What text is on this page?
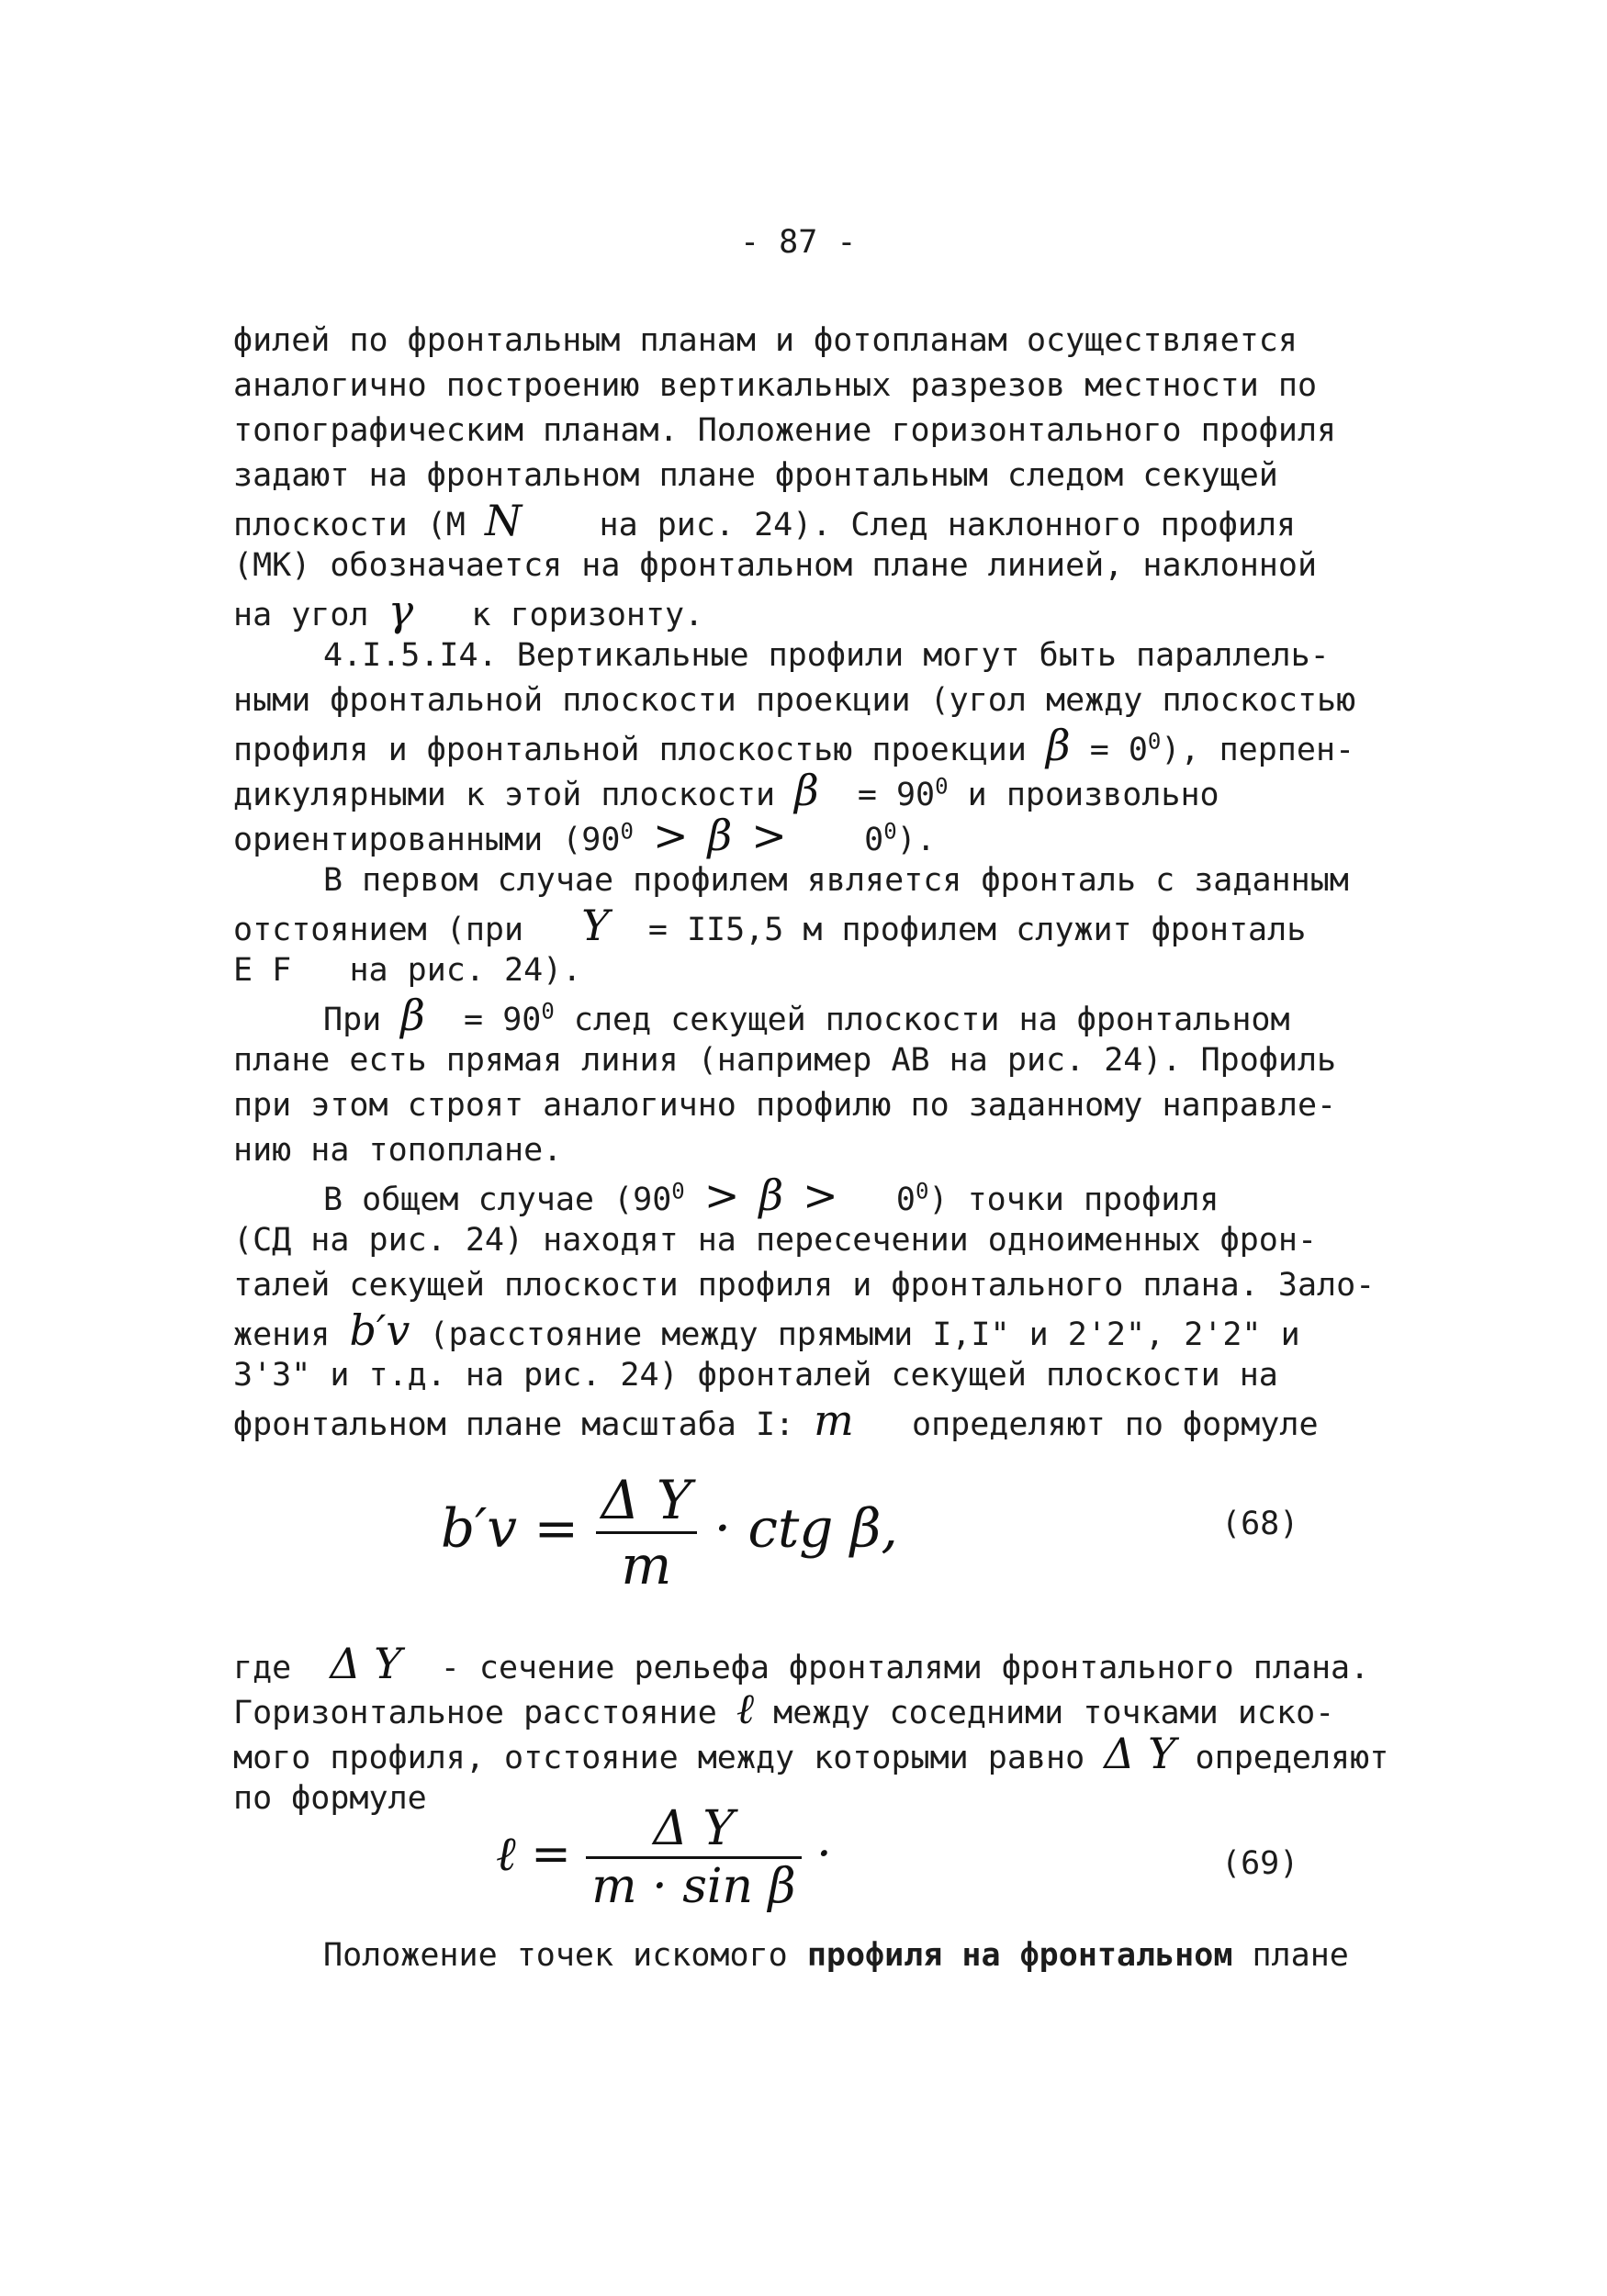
- 87 -
филей по фронтальным планам и фотопланам осуществляется
аналогично построению вертикальных разрезов местности по
топографическим планам. Положение горизонтального профиля
задают на фронтальном плане фронтальным следом секущей
плоскости (М N на рис. 24). След наклонного профиля
(МК) обозначается на фронтальном плане линией, наклонной
на угол γ к горизонту.
4.I.5.I4. Вертикальные профили могут быть параллель-
ными фронтальной плоскости проекции (угол между плоскостью
профиля и фронтальной плоскостью проекции $\beta = 0^0$), перпен-
дикулярными к этой плоскости $\beta = 90^0$ и произвольно
ориентированными $(90^0 > \beta > 0^0)$.
В первом случае профилем является фронталь с заданным
отстоянием (при Y = II5,5 м профилем служит фронталь
Е F на рис. 24).
При $\beta = 90^0$ след секущей плоскости на фронтальном
плане есть прямая линия (например АВ на рис. 24). Профиль
при этом строят аналогично профилю по заданному направле-
нию на топоплане.
В общем случае $(90^0 > \beta > 0^0)$ точки профиля
(СД на рис. 24) находят на пересечении одноименных фрон-
талей секущей плоскости профиля и фронтального плана. Зало-
жения b′v (расстояние между прямыми I,I" и 2'2", 2'2" и
3'3" и т.д. на рис. 24) фронталей секущей плоскости на
фронтальном плане масштаба I: m определяют по формуле
$b'v = \frac{\text{Δ Y}}{m}$ · ctg β,	(68)
где Δ Y - сечение рельефа фронталями фронтального плана.
Горизонтальное расстояние ℓ между соседними точками иско-
мого профиля, отстояние между которыми равно Δ Y определяют
по формуле
ℓ = $\frac{\text{Δ Y}}{\text{m · sin β}}$ ·	(69)
Положение точек искомого профиля на фронтальном плане
